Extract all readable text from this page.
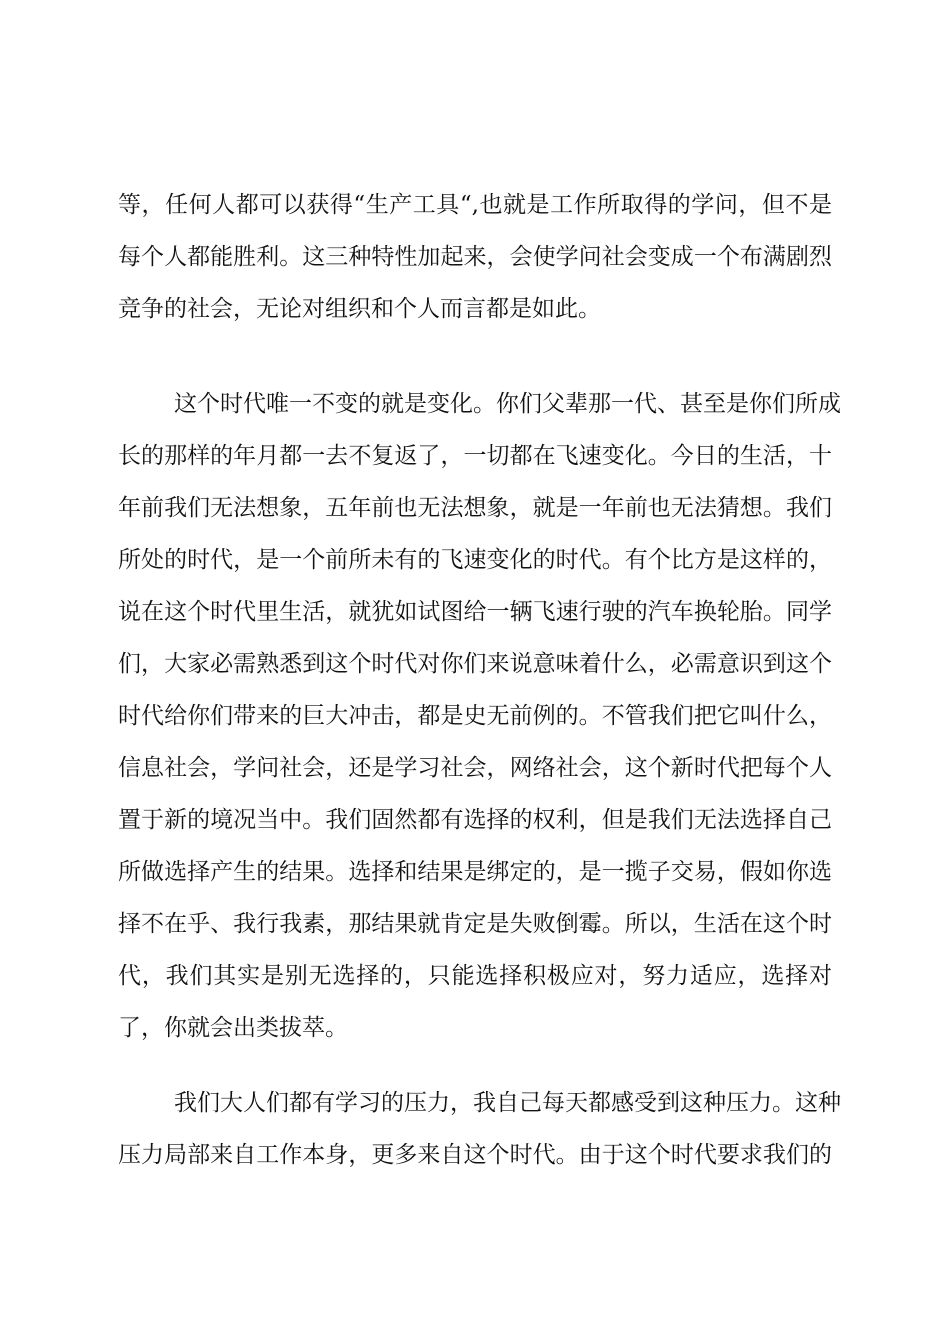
等，任何人都可以获得“生产工具“,也就是工作所取得的学问，但不是
每个人都能胜利。这三种特性加起来，会使学问社会变成一个布满剧烈
竞争的社会，无论对组织和个人而言都是如此。
这个时代唯一不变的就是变化。你们父辈那一代、甚至是你们所成
长的那样的年月都一去不复返了，一切都在飞速变化。今日的生活，十
年前我们无法想象，五年前也无法想象，就是一年前也无法猜想。我们
所处的时代，是一个前所未有的飞速变化的时代。有个比方是这样的，
说在这个时代里生活，就犹如试图给一辆飞速行驶的汽车换轮胎。同学
们，大家必需熟悉到这个时代对你们来说意味着什么，必需意识到这个
时代给你们带来的巨大冲击，都是史无前例的。不管我们把它叫什么，
信息社会，学问社会，还是学习社会，网络社会，这个新时代把每个人
置于新的境况当中。我们固然都有选择的权利，但是我们无法选择自己
所做选择产生的结果。选择和结果是绑定的，是一揽子交易，假如你选
择不在乎、我行我素，那结果就肯定是失败倒霉。所以，生活在这个时
代，我们其实是别无选择的，只能选择积极应对，努力适应，选择对
了，你就会出类拔萃。
我们大人们都有学习的压力，我自己每天都感受到这种压力。这种
压力局部来自工作本身，更多来自这个时代。由于这个时代要求我们的
